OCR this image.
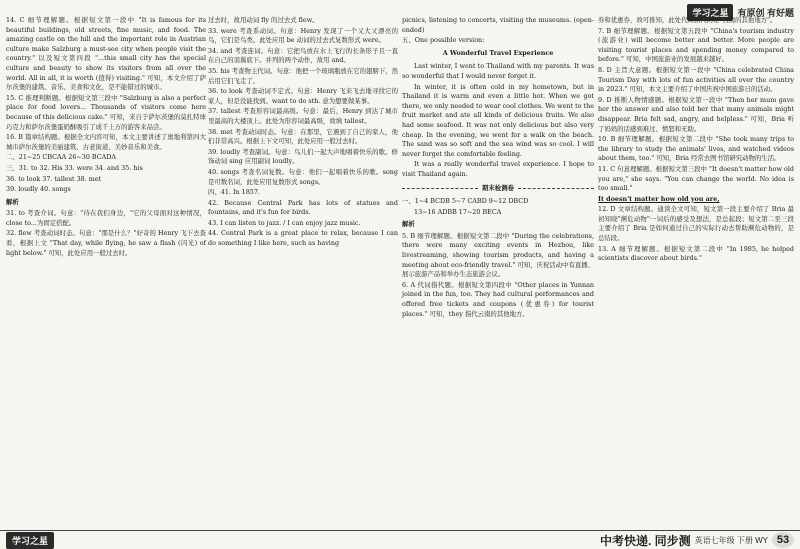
学习之星	有原创 有好题

14. C 细节理解题。根据短文第一段中 "It is famous for its beautiful buildings, old streets, fine music, and food. The amazing castle on the hill and the important role in Austrian culture make Salzburg a must-see city when people visit the country." 以及短文第四段 "...this small city has the special culture and beauty to show its visitors from all over the world. All in all, it is worth (值得) visiting." 可知，本文介绍了萨尔茨堡的建筑、音乐、美食和文化，是不能错过的城市。

15. C 推理判断题。根据短文第三段中 "Salzburg is also a perfect place for food lovers... Thousands of visitors come here because of this delicious cake." 可知，来自于萨尔茨堡的莫扎特球巧克力和萨尔茨堡蛋奶酥吸引了成千上万的游客来品尝。

16. B 篇章结构题。根据全文内容可知，本文主要讲述了奥地利第四大城市萨尔茨堡的美丽建筑、古老街道、美妙音乐和美食。

二、21~25 CBCAA 26~30 BCADA

三、31. to 32. His 33. were 34. and 35. his

36. to look 37. tallest 38. met

39. loudly 40. songs

解析

31. to 考查介词。句意："待在我们身边，"它的父母面对这种情况，close to...为固定搭配。

32. flew 考查动词时态。句意："那是什么？"好奇的 Henry 飞下去查看，根据上文 "That day, while flying, he saw a flash (闪光) of light below." 可知，此处应用一般过去时。

过去时，故用动词 fly 的过去式 flew。

33. were 考查系动词。句意：Henry 发现了一个又大又漂亮的鸟，它们是鸟类。此处应用 be 动词的过去式复数形式 were。

34. and 考查连词。句意：它把鸟放在水上飞行的长条形子且一直在自己的羽翼底下。并列的两个动作，故用 and。

35. his 考查物主代词。句意：他把一个玻璃瓶放在它的翅膀下，然后用它们飞走了。

36. to look 考查动词不定式。句意：Henry 飞来飞去地寻找它的家人，但是没能找到。want to do sth. 意为想要做某事。

37. tallest 考查形容词最高级。句意：最后，Henry 到达了城市里最高的大楼顶上。此处为形容词最高级，故填 tallest。

38. met 考查动词时态。句意：在那里，它遇到了自己的家人，他们非常高兴。根据上下文可知，此处应用一般过去时。

39. loudly 考查副词。句意：鸟儿们一起大声地唱着快乐的歌。修饰动词 sing 应用副词 loudly。

40. songs 考查名词复数。句意：他们一起唱着快乐的歌。song 是可数名词，此处应用复数形式 songs。

四、41. In 1857.

42. Because Central Park has lots of statues and fountains, and it's fun for birds.

43. I can listen to jazz. / I can enjoy jazz music.

44. Central Park is a great place to relax, because I can do something I like here, such as having

picnics, listening to concerts, visiting the museums. (open-ended)

五、One possible version:

A Wonderful Travel Experience

Last winter, I went to Thailand with my parents. It was so wonderful that I would never forget it.

In winter, it is often cold in my hometown, but in Thailand it is warm and even a little hot. When we got there, we only needed to wear cool clothes. We went to the fruit market and ate all kinds of delicious fruits. We also had some seafood. It was not only delicious but also very cheap. In the evening, we went for a walk on the beach. The sand was so soft and the sea wind was so cool. I will never forget the comfortable feeling.

It was a really wonderful travel experience. I hope to visit Thailand again.

期末检测卷

一、1~4 BCDB 5~7 CABD 9~12 DBCD

13~16 ADBB 17~20 BECA

解析

5. B 细节理解题。根据短文第二段中 "During the celebrations, there were many exciting events in Hezhou, like livestreaming, showing tourism products, and having a meeting about eco-friendly travel." 可知，庆祝活动中有直播、展示旅游产品和举办生态旅游会议。

6. A 代词指代题。根据短文第四段中 "Other places in Yunnan joined in the fun, too. They had cultural performances and offered free tickets and coupons (优惠券) for tourist places." 可知，they 指代云南的其他地方。

券和优惠券，故可推知，此处代词指代的是"云南的其他地方"。

7. B 细节理解题。根据短文第五段中 "China's tourism industry (旅游业) will become better and better. More people are visiting tourist places and spending money compared to before." 可知，中国旅游业的发展越来越好。

8. D 主旨大意题。根据短文第一段中 "China celebrated China Tourism Day with lots of fun activities all over the country in 2023." 可知，本文主要介绍了中国庆祝中国旅游日的活动。

9. D 推断人物情感题。根据短文第一段中 "Then her mum gave her the answer and also told her that many animals might disappear. Bria felt sad, angry, and helpless." 可知，Bria 听了妈妈的话感到难过、愤怒和无助。

10. B 细节理解题。根据短文第二段中 "She took many trips to the library to study the animals' lives, and watched videos about them, too." 可知，Bria 经常去图书馆研究动物的生活。

11. C 句意理解题。根据短文第三段中 "It doesn't matter how old you are," she says. "You can change the world. No idea is too small."

It doesn't matter how old you are,

12. D 文章结构题。通读全文可知，短文第一段主要介绍了 Bria 最初知晓"濒危动物"一词后的感受及想法，是总起段；短文第二至三段主要介绍了 Bria 是如何通过自己的实际行动去帮助濒危动物的，是总结段。

13. A 细节理解题。根据短文第二段中 "In 1985, he helped scientists discover about birds."

学习之星	中考快递. 同步测 英语七年级 下册 WY 53
